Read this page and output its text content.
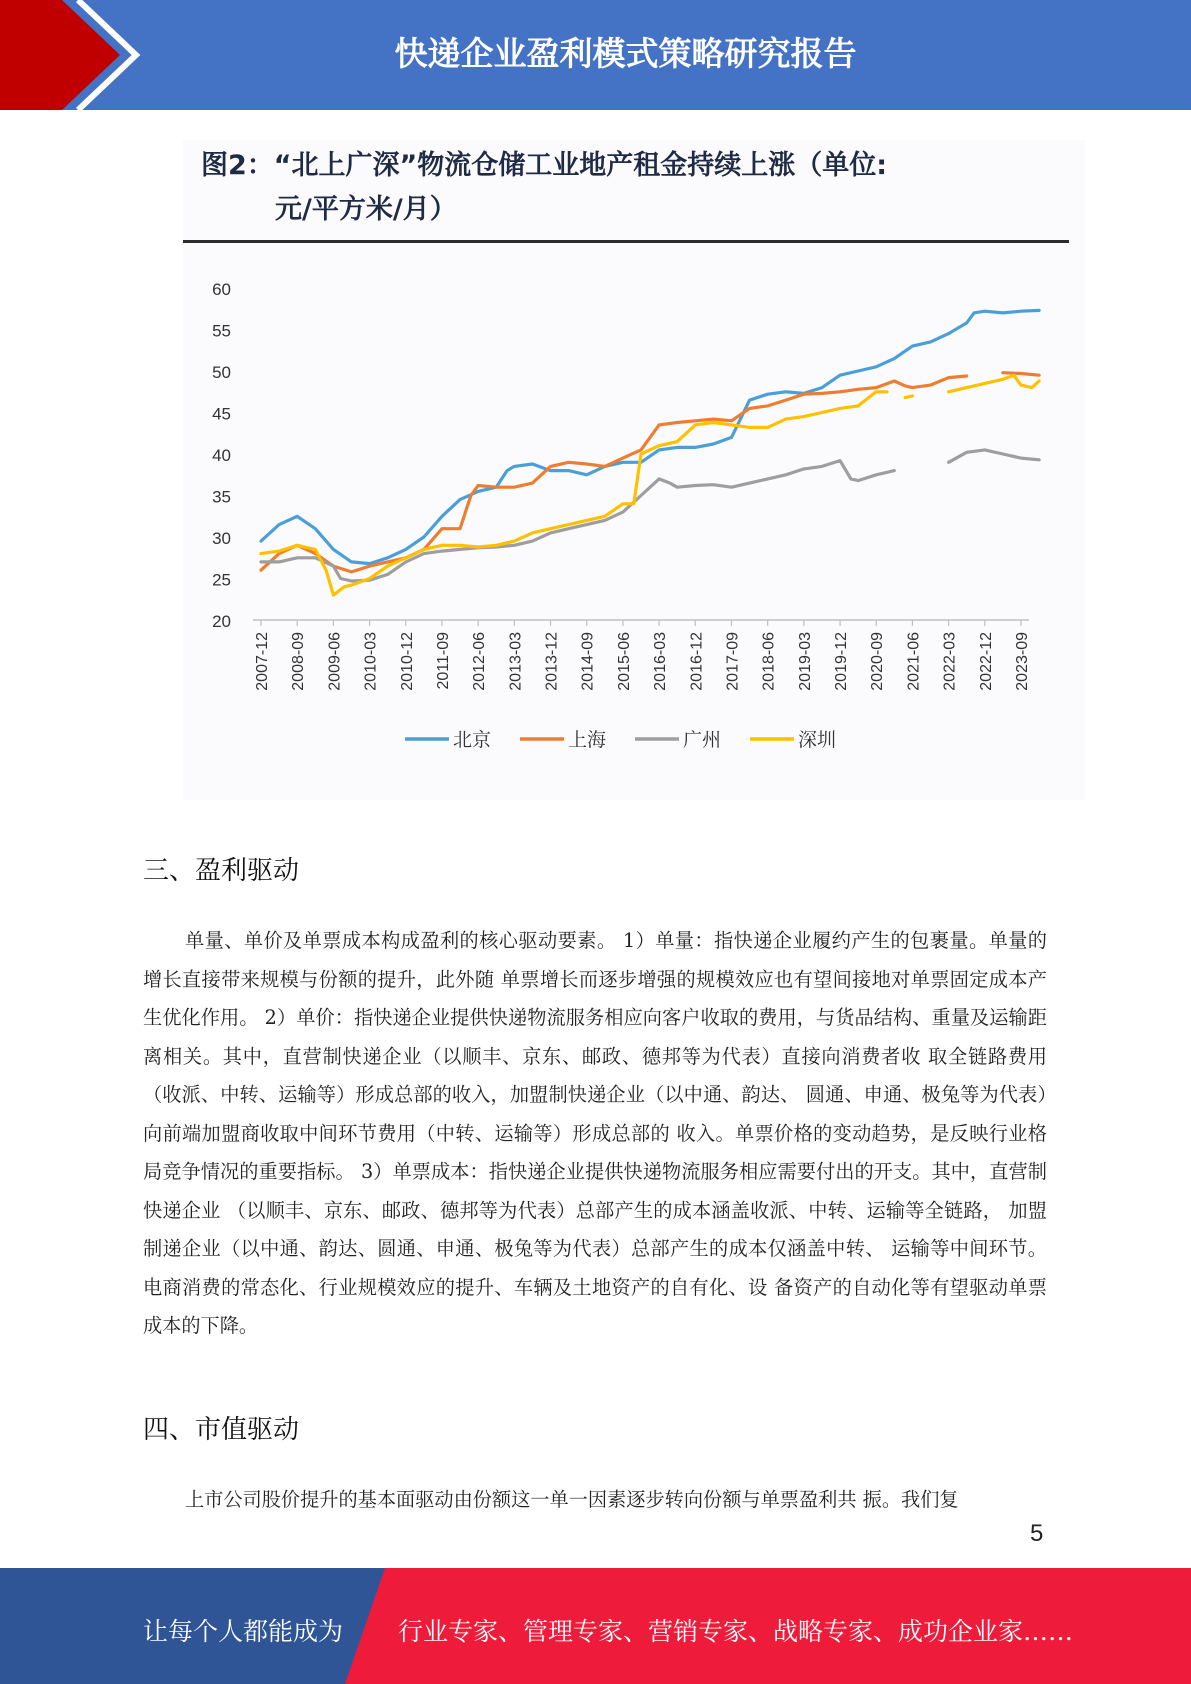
快递企业盈利模式策略研究报告
图2：“北上广深”物流仓储工业地产租金持续上涨（单位:
元/平方米/月）
20
25
30
35
40
45
50
55
60
2007-12 2008-09 2009-06 2010-03 2010-12 2011-09 2012-06 2013-03 2013-12 2014-09 2015-06 2016-03 2016-12 2017-09 2018-06 2019-03 2019-12 2020-09 2021-06 2022-03 2022-12 2023-09
北京	上海	广州	深圳
三、盈利驱动

单量、单价及单票成本构成盈利的核心驱动要素。 1）单量：指快递企业履约产生的包裹量。单量的增长直接带来规模与份额的提升，此外随 单票增长而逐步增强的规模效应也有望间接地对单票固定成本产生优化作用。 2）单价：指快递企业提供快递物流服务相应向客户收取的费用，与货品结构、重量及运输距离相关。其中，直营制快递企业（以顺丰、京东、邮政、德邦等为代表）直接向消费者收 取全链路费用（收派、中转、运输等）形成总部的收入，加盟制快递企业（以中通、韵达、 圆通、申通、极兔等为代表）向前端加盟商收取中间环节费用（中转、运输等）形成总部的 收入。单票价格的变动趋势，是反映行业格局竞争情况的重要指标。 3）单票成本：指快递企业提供快递物流服务相应需要付出的开支。其中，直营制快递企业 （以顺丰、京东、邮政、德邦等为代表）总部产生的成本涵盖收派、中转、运输等全链路， 加盟制递企业（以中通、韵达、圆通、申通、极兔等为代表）总部产生的成本仅涵盖中转、 运输等中间环节。电商消费的常态化、行业规模效应的提升、车辆及土地资产的自有化、设 备资产的自动化等有望驱动单票成本的下降。

四、市值驱动

上市公司股价提升的基本面驱动由份额这一单一因素逐步转向份额与单票盈利共 振。我们复

5
让每个人都能成为 行业专家、管理专家、营销专家、战略专家、成功企业家……
